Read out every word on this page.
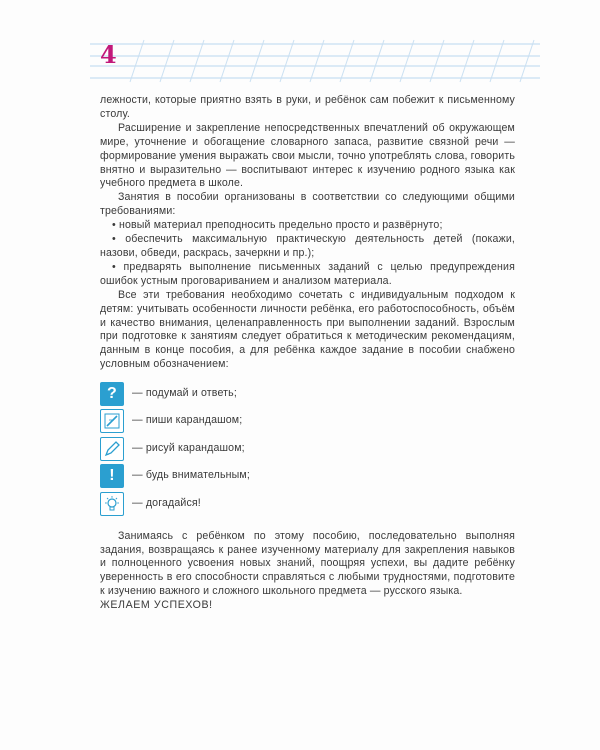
4

лежности, которые приятно взять в руки, и ребёнок сам побежит к письменному столу.

Расширение и закрепление непосредственных впечатлений об окружающем мире, уточнение и обогащение словарного запаса, развитие связной речи — формирование умения выражать свои мысли, точно употреблять слова, говорить внятно и выразительно — воспитывают интерес к изучению родного языка как учебного предмета в школе.

Занятия в пособии организованы в соответствии со следующими общими требованиями:

• новый материал преподносить предельно просто и развёрнуто;

• обеспечить максимальную практическую деятельность детей (покажи, назови, обведи, раскрась, зачеркни и пр.);

• предварять выполнение письменных заданий с целью предупреждения ошибок устным проговариванием и анализом материала.

Все эти требования необходимо сочетать с индивидуальным подходом к детям: учитывать особенности личности ребёнка, его работоспособность, объём и качество внимания, целенаправленность при выполнении заданий. Взрослым при подготовке к занятиям следует обратиться к методическим рекомендациям, данным в конце пособия, а для ребёнка каждое задание в пособии снабжено условным обозначением:

? — подумай и ответь;
— пиши карандашом;
— рисуй карандашом;
! — будь внимательным;
— догадайся!

Занимаясь с ребёнком по этому пособию, последовательно выполняя задания, возвращаясь к ранее изученному материалу для закрепления навыков и полноценного усвоения новых знаний, поощряя успехи, вы дадите ребёнку уверенность в его способности справляться с любыми трудностями, подготовите к изучению важного и сложного школьного предмета — русского языка.

ЖЕЛАЕМ УСПЕХОВ!
